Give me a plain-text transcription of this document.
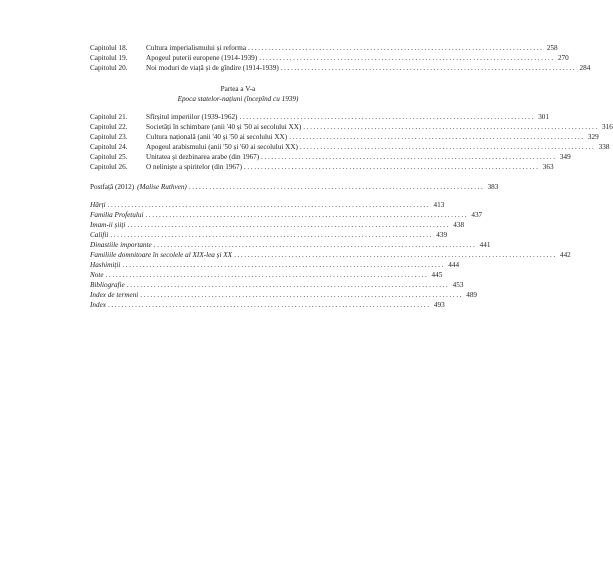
Capitolul 18.	Cultura imperialismului și reforma ....................................................................................... 258
Capitolul 19.	Apogeul puterii europene (1914-1939) ....................................................................................... 270
Capitolul 20.	Noi moduri de viață și de gîndire (1914-1939) ....................................................................................... 284
Partea a V-a
Epoca statelor-națiuni (începînd cu 1939)
Capitolul 21.	Sfîrșitul imperiilor (1939-1962) ....................................................................................... 301
Capitolul 22.	Societăți în schimbare (anii '40 și '50 ai secolului XX) ....................................................................................... 316
Capitolul 23.	Cultura națională (anii '40 și '50 ai secolului XX) ....................................................................................... 329
Capitolul 24.	Apogeul arabismului (anii '50 și '60 ai secolului XX) ....................................................................................... 338
Capitolul 25.	Unitatea și dezbinarea arabe (din 1967) ....................................................................................... 349
Capitolul 26.	O neliniște a spiritelor (din 1967) ....................................................................................... 363
Postfață (2012) (Malise Ruthven) ....................................................................................... 383
Hărți ............................................................................................... 413
Familia Profetului ............................................................................................... 437
Imam-ii șiiți ............................................................................................... 438
Califii ............................................................................................... 439
Dinastiile importante ............................................................................................... 441
Familiile domnitoare în secolele al XIX-lea și XX ............................................................................................... 442
Hashimiții ............................................................................................... 444
Note ............................................................................................... 445
Bibliografie ............................................................................................... 453
Index de termeni ............................................................................................... 489
Index ............................................................................................... 493
